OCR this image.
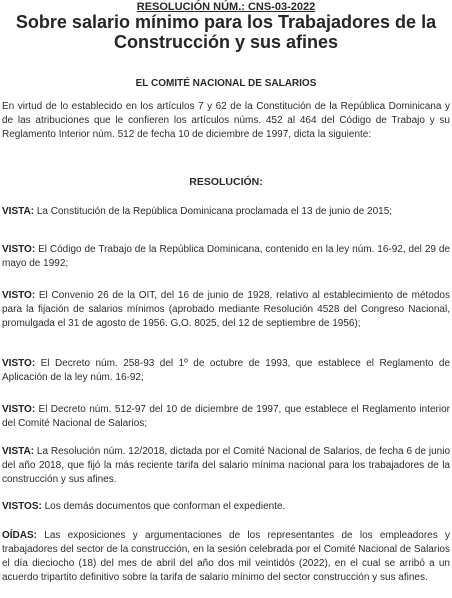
RESOLUCIÓN NÚM.: CNS-03-2022
Sobre salario mínimo para los Trabajadores de la
Construcción y sus afines
EL COMITÉ NACIONAL DE SALARIOS
En virtud de lo establecido en los artículos 7 y 62 de la Constitución de la República Dominicana y de las atribuciones que le confieren los artículos núms. 452 al 464 del Código de Trabajo y su Reglamento Interior núm. 512 de fecha 10 de diciembre de 1997, dicta la siguiente:
RESOLUCIÓN:
VISTA: La Constitución de la República Dominicana proclamada el 13 de junio de 2015;
VISTO: El Código de Trabajo de la República Dominicana, contenido en la ley núm. 16-92, del 29 de mayo de 1992;
VISTO: El Convenio 26 de la OIT, del 16 de junio de 1928, relativo al establecimiento de métodos para la fijación de salarios mínimos (aprobado mediante Resolución 4528 del Congreso Nacional, promulgada el 31 de agosto de 1956. G.O. 8025, del 12 de septiembre de 1956);
VISTO: El Decreto núm. 258-93 del 1º de octubre de 1993, que establece el Reglamento de Aplicación de la ley núm. 16-92;
VISTO: El Decreto núm. 512-97 del 10 de diciembre de 1997, que establece el Reglamento interior del Comité Nacional de Salarios;
VISTA: La Resolución núm. 12/2018, dictada por el Comité Nacional de Salarios, de fecha 6 de junio del año 2018, que fijó la más reciente tarifa del salario mínima nacional para los trabajadores de la construcción y sus afines.
VISTOS: Los demás documentos que conforman el expediente.
OÍDAS: Las exposiciones y argumentaciones de los representantes de los empleadores y trabajadores del sector de la construcción, en la sesión celebrada por el Comité Nacional de Salarios el día dieciocho (18) del mes de abril del año dos mil veintidós (2022), en el cual se arribó a un acuerdo tripartito definitivo sobre la tarifa de salario mínimo del sector construcción y sus afines.
